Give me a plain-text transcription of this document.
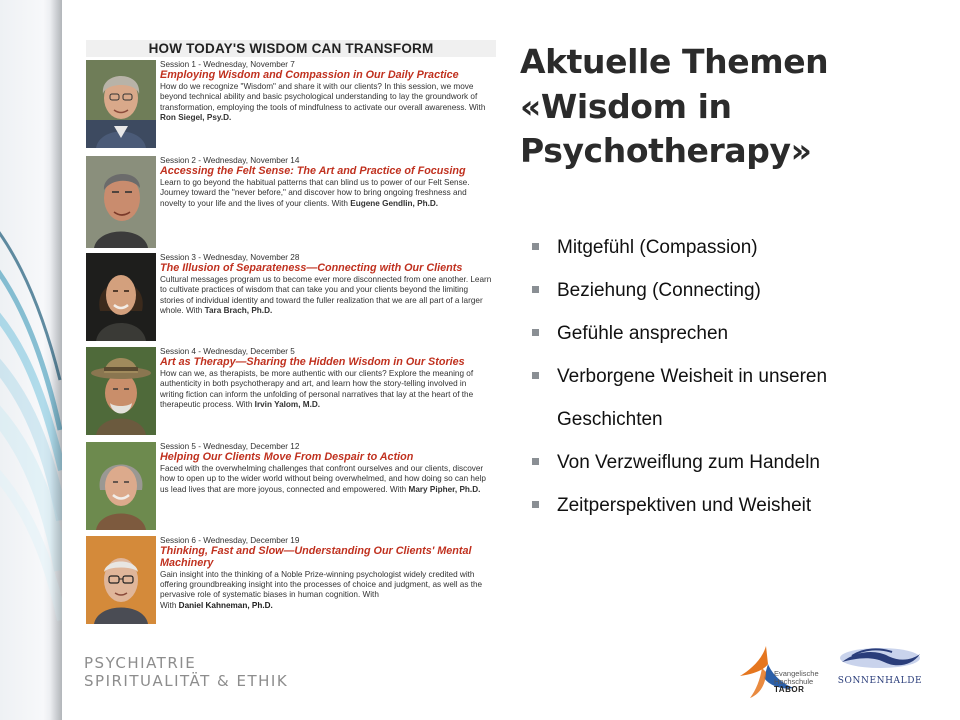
HOW TODAY'S WISDOM CAN TRANSFORM
Session 1 - Wednesday, November 7
Employing Wisdom and Compassion in Our Daily Practice
How do we recognize "Wisdom" and share it with our clients? In this session, we move beyond technical ability and basic psychological understanding to lay the groundwork of transformation, employing the tools of mindfulness to activate our overall awareness. With Ron Siegel, Psy.D.
Session 2 - Wednesday, November 14
Accessing the Felt Sense: The Art and Practice of Focusing
Learn to go beyond the habitual patterns that can blind us to power of our Felt Sense. Journey toward the "never before," and discover how to bring ongoing freshness and novelty to your life and the lives of your clients. With Eugene Gendlin, Ph.D.
Session 3 - Wednesday, November 28
The Illusion of Separateness—Connecting with Our Clients
Cultural messages program us to become ever more disconnected from one another. Learn to cultivate practices of wisdom that can take you and your clients beyond the limiting stories of individual identity and toward the fuller realization that we are all part of a larger whole. With Tara Brach, Ph.D.
Session 4 - Wednesday, December 5
Art as Therapy—Sharing the Hidden Wisdom in Our Stories
How can we, as therapists, be more authentic with our clients? Explore the meaning of authenticity in both psychotherapy and art, and learn how the story-telling involved in writing fiction can inform the unfolding of personal narratives that lay at the heart of the therapeutic process. With Irvin Yalom, M.D.
Session 5 - Wednesday, December 12
Helping Our Clients Move From Despair to Action
Faced with the overwhelming challenges that confront ourselves and our clients, discover how to open up to the wider world without being overwhelmed, and how doing so can help us lead lives that are more joyous, connected and empowered. With Mary Pipher, Ph.D.
Session 6 - Wednesday, December 19
Thinking, Fast and Slow—Understanding Our Clients' Mental Machinery
Gain insight into the thinking of a Noble Prize-winning psychologist widely credited with offering groundbreaking insight into the processes of choice and judgment, as well as the pervasive role of systematic biases in human cognition. With
With Daniel Kahneman, Ph.D.
Aktuelle Themen «Wisdom in Psychotherapy»
Mitgefühl (Compassion)
Beziehung (Connecting)
Gefühle ansprechen
Verborgene Weisheit in unseren Geschichten
Von Verzweiflung zum Handeln
Zeitperspektiven und Weisheit
PSYCHIATRIE
SPIRITUALITÄT & ETHIK	Evangelische
Hochschule
TABOR
SONNENHALDE
